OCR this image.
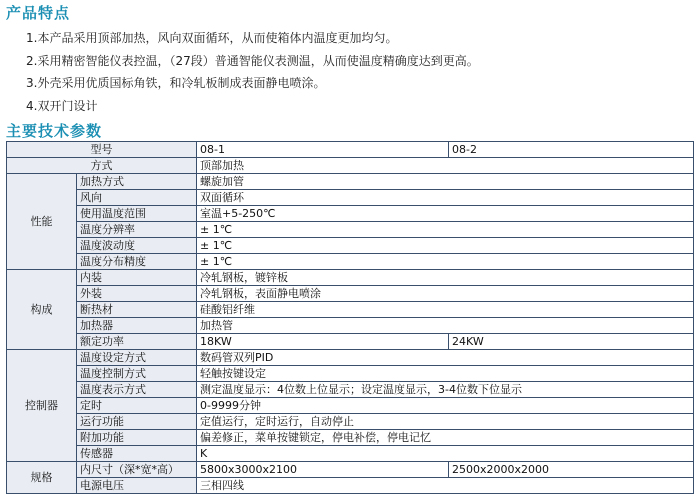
产品特点
1.本产品采用顶部加热，风向双面循环，从而使箱体内温度更加均匀。
2.采用精密智能仪表控温，（27段）普通智能仪表测温，从而使温度精确度达到更高。
3.外壳采用优质国标角铁，和冷轧板制成表面静电喷涂。
4.双开门设计
主要技术参数
型号		08-1	08-2
方式		顶部加热	
性能	加热方式	螺旋加管	
	风向	双面循环	
	使用温度范围	室温+5-250℃	
	温度分辨率	± 1℃	
	温度波动度	± 1℃	
	温度分布精度	± 1℃	
构成	内装	冷轧钢板，镀锌板	
	外装	冷轧钢板，表面静电喷涂	
	断热材	硅酸铝纤维	
	加热器	加热管	
	额定功率	18KW	24KW
控制器	温度设定方式	数码管双列PID	
	温度控制方式	轻触按键设定	
	温度表示方式	测定温度显示：4位数上位显示；设定温度显示，3-4位数下位显示	
	定时	0-9999分钟	
	运行功能	定值运行，定时运行，自动停止	
	附加功能	偏差修正，菜单按键锁定，停电补偿，停电记忆	
	传感器	K	
规格	内尺寸（深*宽*高）	5800x3000x2100	2500x2000x2000
	电源电压	三相四线	
